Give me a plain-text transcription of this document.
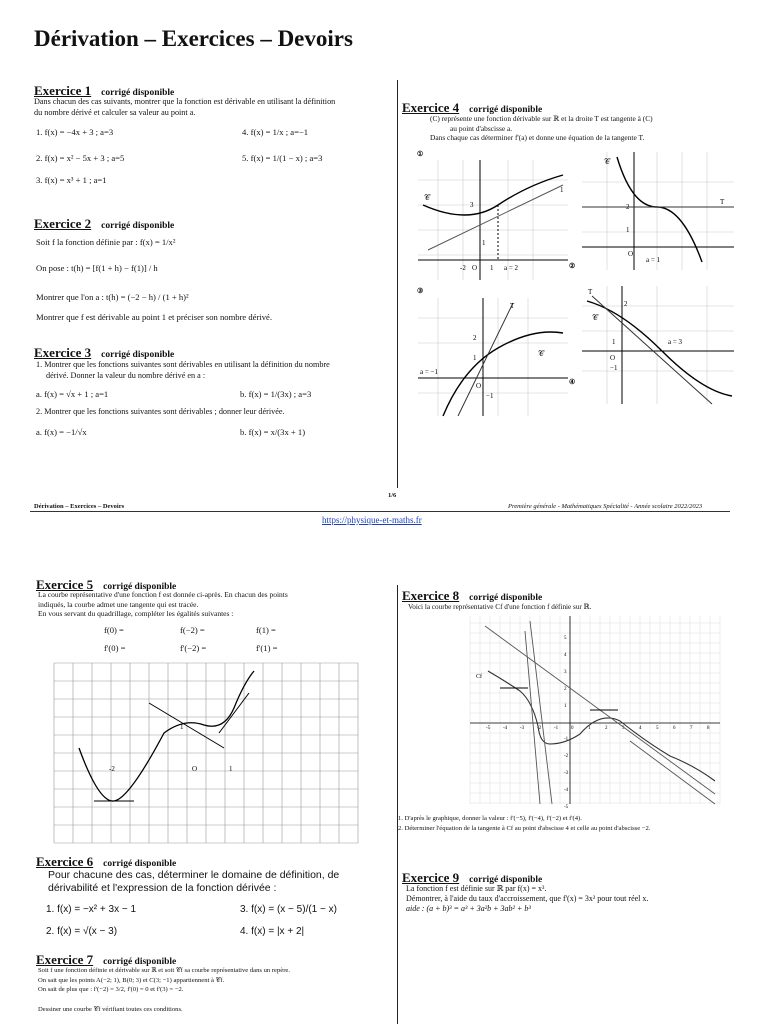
Dérivation – Exercices – Devoirs
Exercice 1 corrigé disponible
Dans chacun des cas suivants, montrer que la fonction est dérivable en utilisant la définition
du nombre dérivé et calculer sa valeur au point a.
1. f(x) = −4x + 3 ; a=3	4. f(x) = 1/x ; a=−1
2. f(x) = x² − 5x + 3 ; a=5	5. f(x) = 1/(1 − x) ; a=3
3. f(x) = x³ + 1 ; a=1
Exercice 2 corrigé disponible
Soit f la fonction définie par : f(x) = 1/x²
On pose : t(h) = [f(1 + h) − f(1)] / h
Montrer que l'on a : t(h) = (−2 − h) / (1 + h)²
Montrer que f est dérivable au point 1 et préciser son nombre dérivé.
Exercice 3 corrigé disponible
1. Montrer que les fonctions suivantes sont dérivables en utilisant la définition du nombre
dérivé. Donner la valeur du nombre dérivé en a :
a. f(x) = √x + 1 ; a=1	b. f(x) = 1/(3x) ; a=3
2. Montrer que les fonctions suivantes sont dérivables ; donner leur dérivée.
a. f(x) = −1/√x	b. f(x) = x/(3x + 1)
Exercice 4 corrigé disponible
(C) représente une fonction dérivable sur ℝ et la droite T est tangente à (C)
au point d'abscisse a.
Dans chaque cas déterminer f'(a) et donne une équation de la tangente T.
①
-2 O 1 a = 2
1
3
𝒞
1
②
2
1
O
a = 1
T
𝒞
③
2
1
O
−1
a = −1
T
𝒞
2
1
O
−1
a = 3
T
𝒞
④
1/6
Dérivation – Exercices – Devoirs	Première générale - Mathématiques Spécialité - Année scolaire 2022/2023
https://physique-et-maths.fr
Exercice 5 corrigé disponible
La courbe représentative d'une fonction f est donnée ci-après. En chacun des points
indiqués, la courbe admet une tangente qui est tracée.
En vous servant du quadrillage, compléter les égalités suivantes :
f(0) =	f(−2) =	f(1) =
f'(0) =	f'(−2) =	f'(1) =
-2	O	1
1
Exercice 6 corrigé disponible
Pour chacune des cas, déterminer le domaine de définition, de
dérivabilité et l'expression de la fonction dérivée :
1. f(x) = −x² + 3x − 1	3. f(x) = (x − 5)/(1 − x)
2. f(x) = √(x − 3)	4. f(x) = |x + 2|
Exercice 7 corrigé disponible
Soit f une fonction définie et dérivable sur ℝ et soit 𝒞f sa courbe représentative dans un repère.
On sait que les points A(−2; 1), B(0; 3) et C(3; −1) appartiennent à 𝒞f.
On sait de plus que : f'(−2) = 3/2, f'(0) = 0 et f'(3) = −2.
Dessiner une courbe 𝒞f vérifiant toutes ces conditions.
Exercice 8 corrigé disponible
Voici la courbe représentative Cf d'une fonction f définie sur ℝ.
-5	-4	-3	-2	-1	0	1	2	3	4	5	6	7	8
5
4
3
2
1
-1
-2
-3
-4
-5
Cf
1. D'après le graphique, donner la valeur : f'(−5), f'(−4), f'(−2) et f'(4).
2. Déterminer l'équation de la tangente à Cf au point d'abscisse 4 et celle au point d'abscisse −2.
Exercice 9 corrigé disponible
La fonction f est définie sur ℝ par f(x) = x³.
Démontrer, à l'aide du taux d'accroissement, que f'(x) = 3x² pour tout réel x.
aide : (a + b)³ = a³ + 3a²b + 3ab² + b³
